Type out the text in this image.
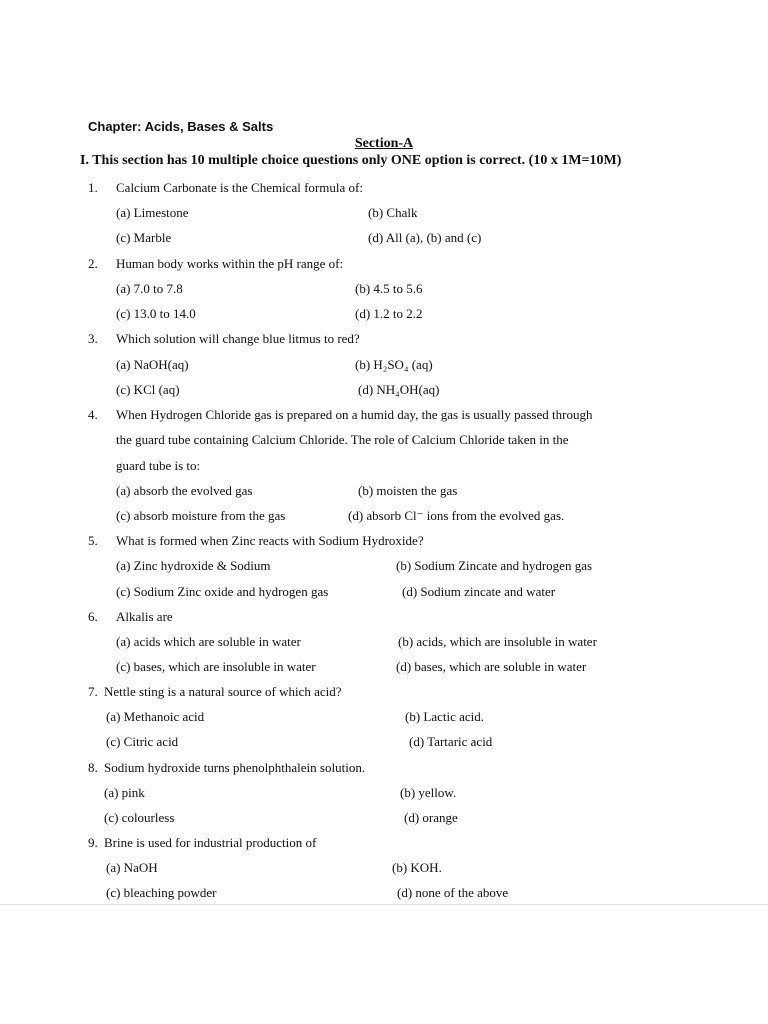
Chapter: Acids, Bases & Salts
Section-A
I. This section has 10 multiple choice questions only ONE option is correct. (10 x 1M=10M)
1. Calcium Carbonate is the Chemical formula of:
(a) Limestone	(b) Chalk
(c) Marble	(d) All (a), (b) and (c)
2. Human body works within the pH range of:
(a) 7.0 to 7.8	(b) 4.5 to 5.6
(c) 13.0 to 14.0	(d) 1.2 to 2.2
3. Which solution will change blue litmus to red?
(a) NaOH(aq)	(b) H₂SO₄ (aq)
(c) KCl (aq)	(d) NH₄OH(aq)
4. When Hydrogen Chloride gas is prepared on a humid day, the gas is usually passed through
the guard tube containing Calcium Chloride. The role of Calcium Chloride taken in the
guard tube is to:
(a) absorb the evolved gas	(b) moisten the gas
(c) absorb moisture from the gas	(d) absorb Cl⁻ ions from the evolved gas.
5. What is formed when Zinc reacts with Sodium Hydroxide?
(a) Zinc hydroxide & Sodium	(b) Sodium Zincate and hydrogen gas
(c) Sodium Zinc oxide and hydrogen gas	(d) Sodium zincate and water
6. Alkalis are
(a) acids which are soluble in water	(b) acids, which are insoluble in water
(c) bases, which are insoluble in water	(d) bases, which are soluble in water
7. Nettle sting is a natural source of which acid?
(a) Methanoic acid	(b) Lactic acid.
(c) Citric acid	(d) Tartaric acid
8. Sodium hydroxide turns phenolphthalein solution.
(a) pink	(b) yellow.
(c) colourless	(d) orange
9. Brine is used for industrial production of
(a) NaOH	(b) KOH.
(c) bleaching powder	(d) none of the above
